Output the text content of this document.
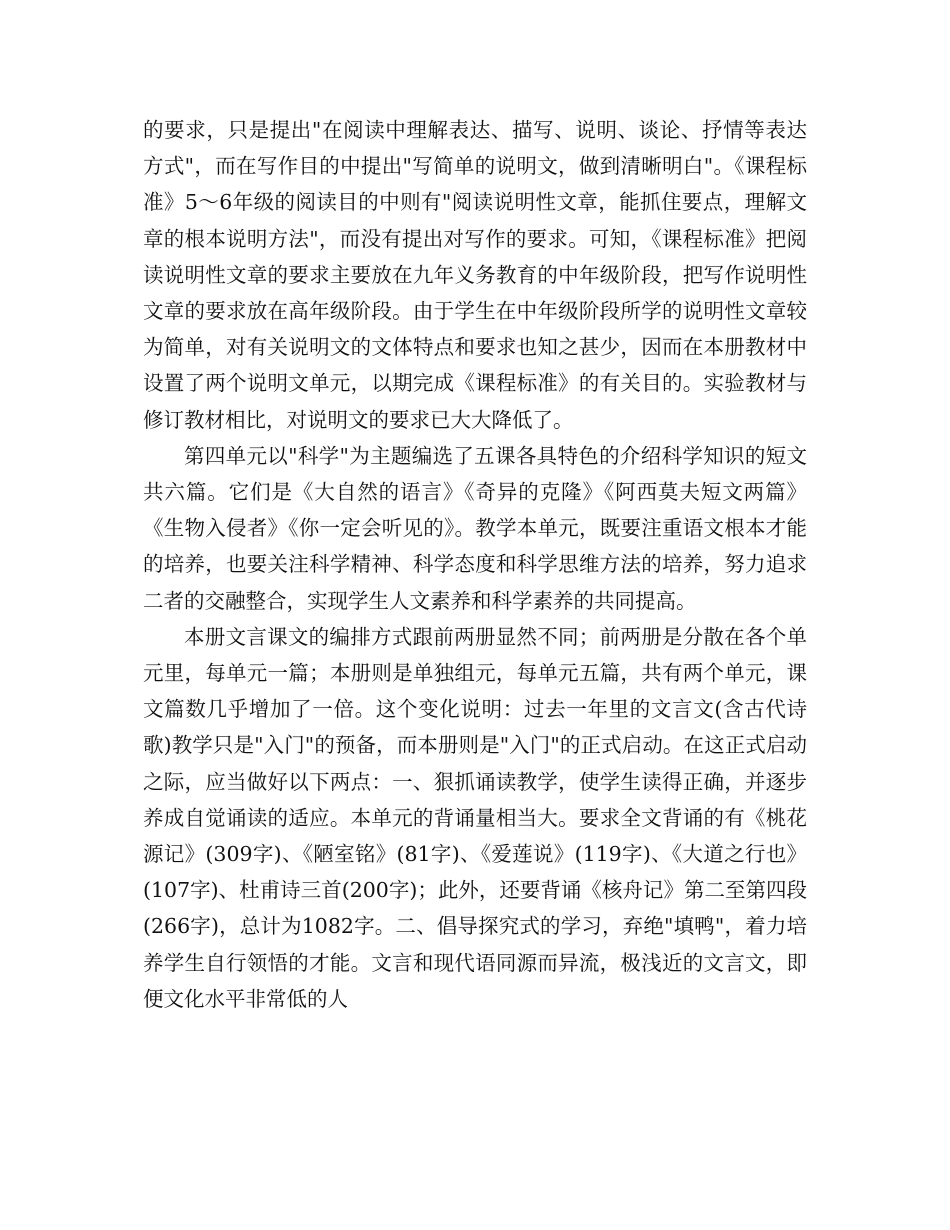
的要求，只是提出"在阅读中理解表达、描写、说明、谈论、抒情等表达方式"，而在写作目的中提出"写简单的说明文，做到清晰明白"。《课程标准》5～6年级的阅读目的中则有"阅读说明性文章，能抓住要点，理解文章的根本说明方法"，而没有提出对写作的要求。可知，《课程标准》把阅读说明性文章的要求主要放在九年义务教育的中年级阶段，把写作说明性文章的要求放在高年级阶段。由于学生在中年级阶段所学的说明性文章较为简单，对有关说明文的文体特点和要求也知之甚少，因而在本册教材中设置了两个说明文单元，以期完成《课程标准》的有关目的。实验教材与修订教材相比，对说明文的要求已大大降低了。

第四单元以"科学"为主题编选了五课各具特色的介绍科学知识的短文共六篇。它们是《大自然的语言》《奇异的克隆》《阿西莫夫短文两篇》《生物入侵者》《你一定会听见的》。教学本单元，既要注重语文根本才能的培养，也要关注科学精神、科学态度和科学思维方法的培养，努力追求二者的交融整合，实现学生人文素养和科学素养的共同提高。

本册文言课文的编排方式跟前两册显然不同；前两册是分散在各个单元里，每单元一篇；本册则是单独组元，每单元五篇，共有两个单元，课文篇数几乎增加了一倍。这个变化说明：过去一年里的文言文(含古代诗歌)教学只是"入门"的预备，而本册则是"入门"的正式启动。在这正式启动之际，应当做好以下两点：一、狠抓诵读教学，使学生读得正确，并逐步养成自觉诵读的适应。本单元的背诵量相当大。要求全文背诵的有《桃花源记》(309字)、《陋室铭》(81字)、《爱莲说》(119字)、《大道之行也》(107字)、杜甫诗三首(200字)；此外，还要背诵《核舟记》第二至第四段(266字)，总计为1082字。二、倡导探究式的学习，弃绝"填鸭"，着力培养学生自行领悟的才能。文言和现代语同源而异流，极浅近的文言文，即便文化水平非常低的人
